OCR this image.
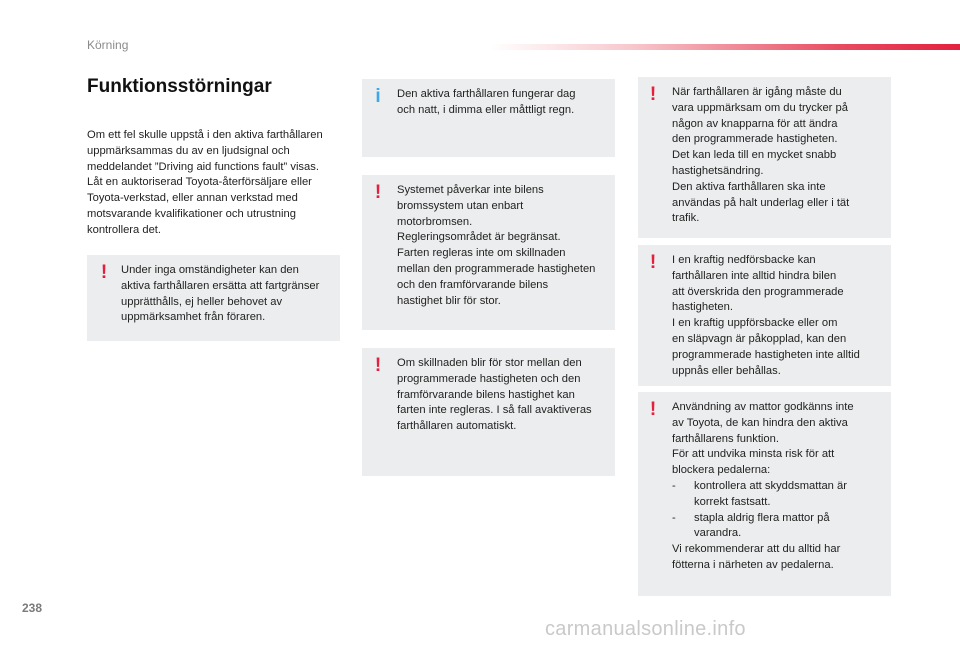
Körning
Funktionsstörningar
Om ett fel skulle uppstå i den aktiva farthållaren
uppmärksammas du av en ljudsignal och
meddelandet ”Driving aid functions fault” visas.
Låt en auktoriserad Toyota-återförsäljare eller
Toyota-verkstad, eller annan verkstad med
motsvarande kvalifikationer och utrustning
kontrollera det.
! Under inga omständigheter kan den
aktiva farthållaren ersätta att fartgränser
upprätthålls, ej heller behovet av
uppmärksamhet från föraren.
i Den aktiva farthållaren fungerar dag
och natt, i dimma eller måttligt regn.
! Systemet påverkar inte bilens
bromssystem utan enbart
motorbromsen.
Regleringsområdet är begränsat.
Farten regleras inte om skillnaden
mellan den programmerade hastigheten
och den framförvarande bilens
hastighet blir för stor.
! Om skillnaden blir för stor mellan den
programmerade hastigheten och den
framförvarande bilens hastighet kan
farten inte regleras. I så fall avaktiveras
farthållaren automatiskt.
! När farthållaren är igång måste du
vara uppmärksam om du trycker på
någon av knapparna för att ändra
den programmerade hastigheten.
Det kan leda till en mycket snabb
hastighetsändring.
Den aktiva farthållaren ska inte
användas på halt underlag eller i tät
trafik.
! I en kraftig nedförsbacke kan
farthållaren inte alltid hindra bilen
att överskrida den programmerade
hastigheten.
I en kraftig uppförsbacke eller om
en släpvagn är påkopplad, kan den
programmerade hastigheten inte alltid
uppnås eller behållas.
! Användning av mattor godkänns inte
av Toyota, de kan hindra den aktiva
farthållarens funktion.
För att undvika minsta risk för att
blockera pedalerna:
- kontrollera att skyddsmattan är
korrekt fastsatt.
- stapla aldrig flera mattor på
varandra.
Vi rekommenderar att du alltid har
fötterna i närheten av pedalerna.
238
carmanualsonline.info
